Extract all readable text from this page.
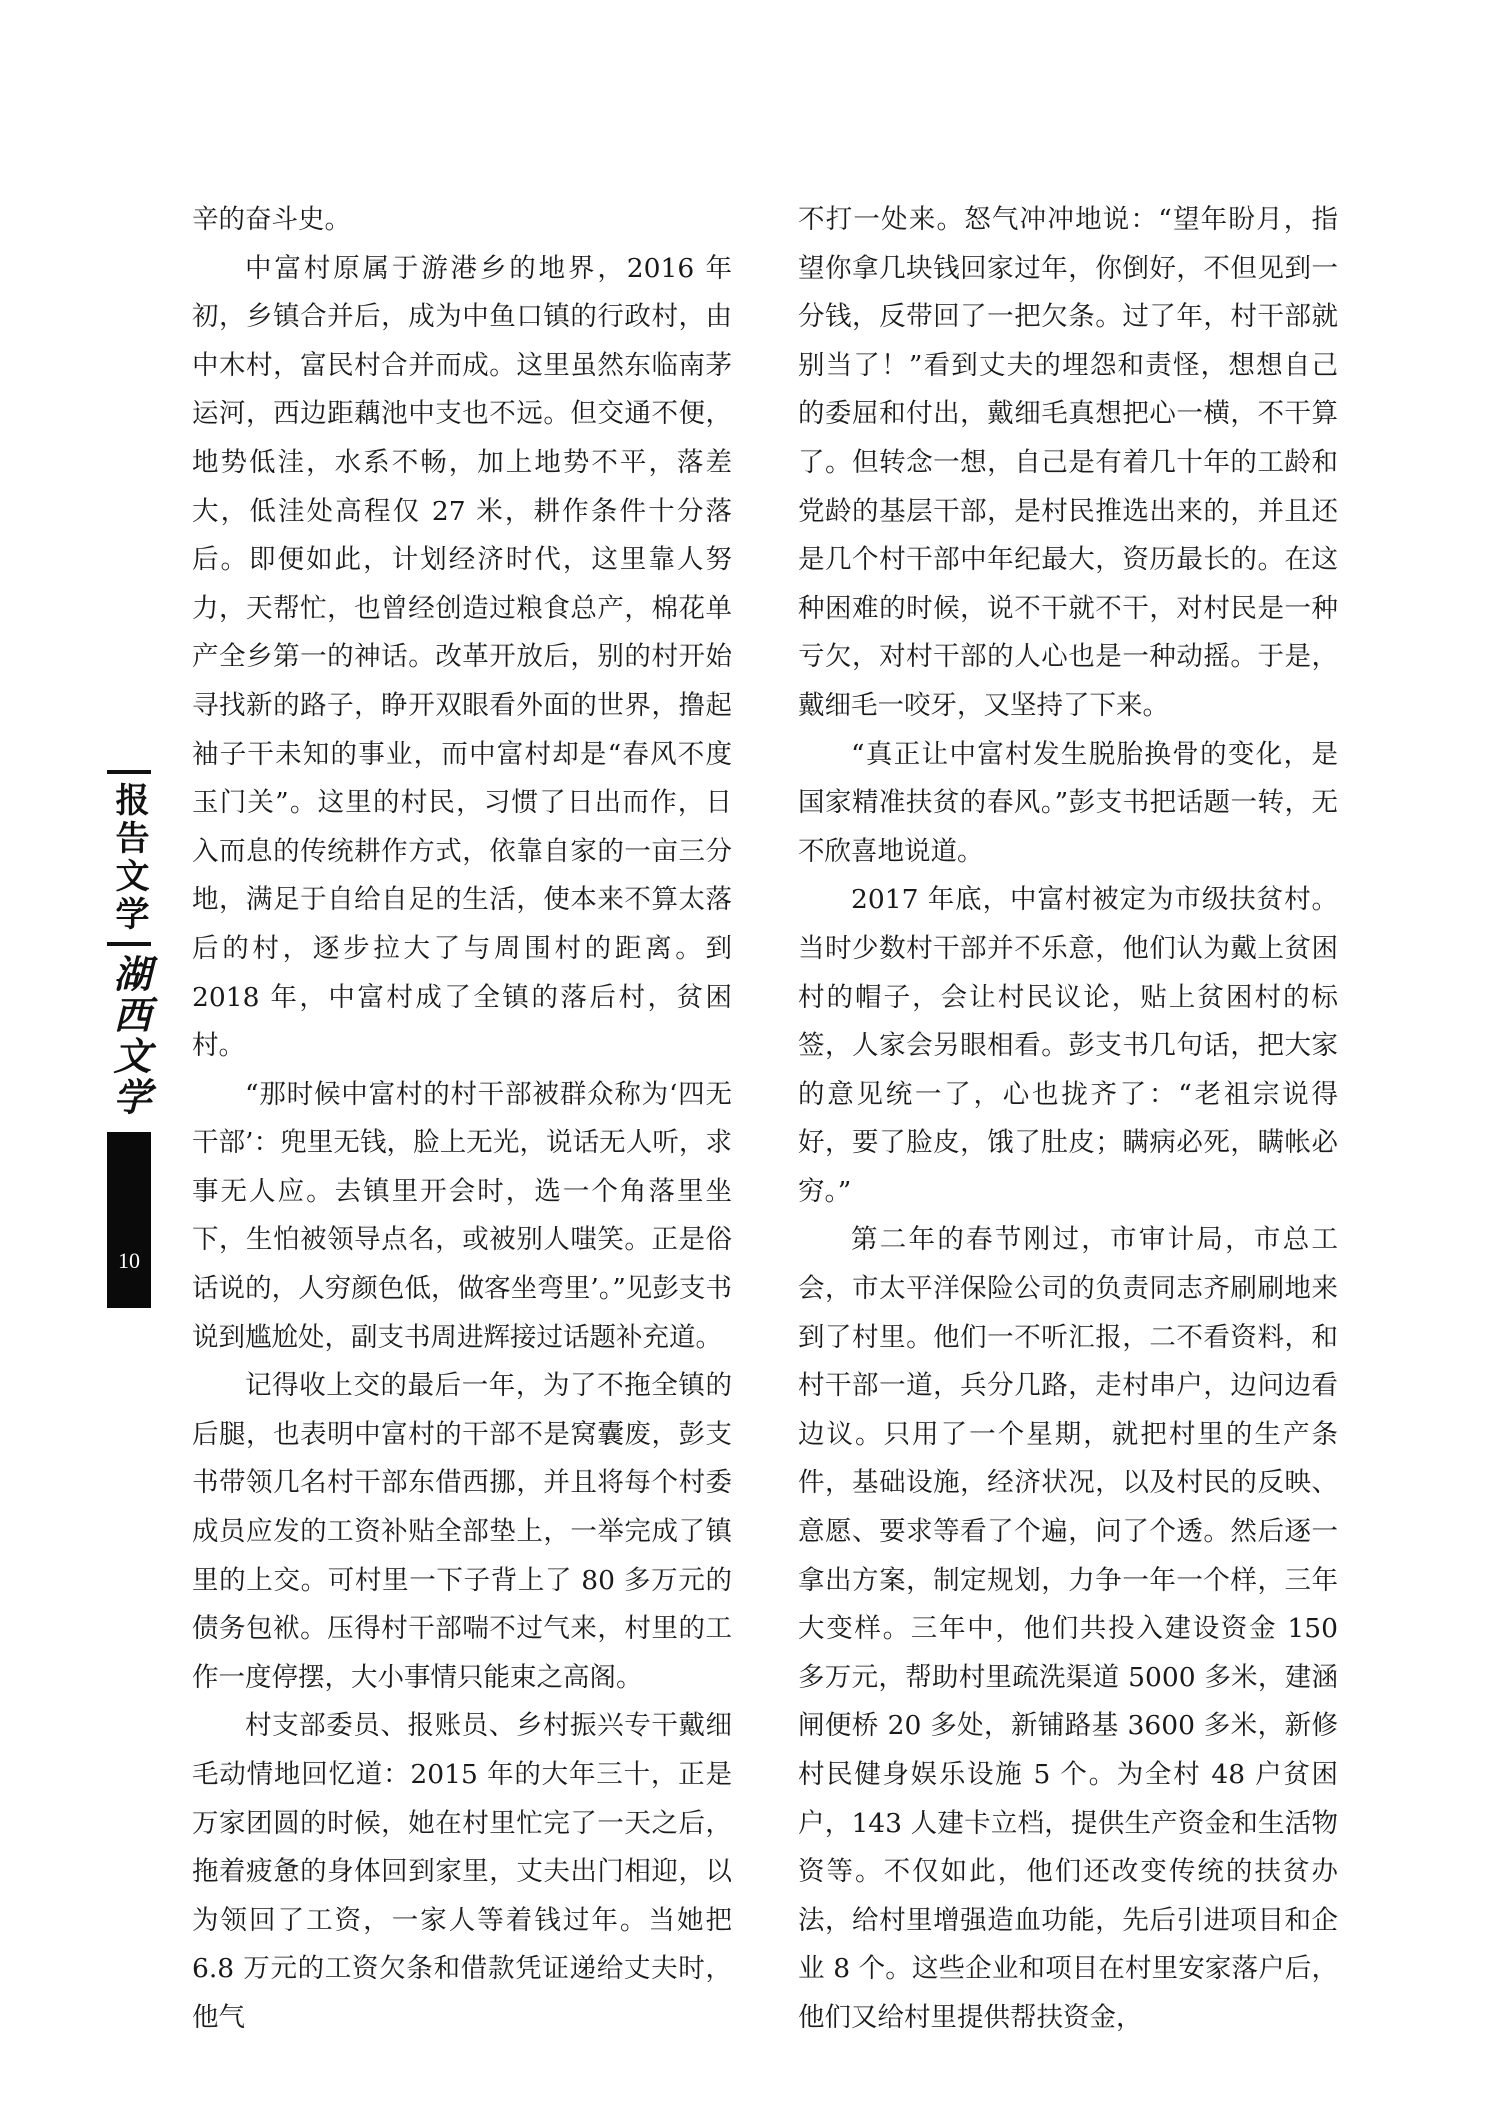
报告文学
湖西文学
10

辛的奋斗史。

中富村原属于游港乡的地界，2016 年初，乡镇合并后，成为中鱼口镇的行政村，由中木村，富民村合并而成。这里虽然东临南茅运河，西边距藕池中支也不远。但交通不便，地势低洼，水系不畅，加上地势不平，落差大，低洼处高程仅 27 米，耕作条件十分落后。即便如此，计划经济时代，这里靠人努力，天帮忙，也曾经创造过粮食总产，棉花单产全乡第一的神话。改革开放后，别的村开始寻找新的路子，睁开双眼看外面的世界，撸起袖子干未知的事业，而中富村却是“春风不度玉门关”。这里的村民，习惯了日出而作，日入而息的传统耕作方式，依靠自家的一亩三分地，满足于自给自足的生活，使本来不算太落后的村，逐步拉大了与周围村的距离。到 2018 年，中富村成了全镇的落后村，贫困村。

“那时候中富村的村干部被群众称为‘四无干部’：兜里无钱，脸上无光，说话无人听，求事无人应。去镇里开会时，选一个角落里坐下，生怕被领导点名，或被别人嗤笑。正是俗话说的，人穷颜色低，做客坐弯里’。”见彭支书说到尴尬处，副支书周进辉接过话题补充道。

记得收上交的最后一年，为了不拖全镇的后腿，也表明中富村的干部不是窝囊废，彭支书带领几名村干部东借西挪，并且将每个村委成员应发的工资补贴全部垫上，一举完成了镇里的上交。可村里一下子背上了 80 多万元的债务包袱。压得村干部喘不过气来，村里的工作一度停摆，大小事情只能束之高阁。

村支部委员、报账员、乡村振兴专干戴细毛动情地回忆道：2015 年的大年三十，正是万家团圆的时候，她在村里忙完了一天之后，拖着疲惫的身体回到家里，丈夫出门相迎，以为领回了工资，一家人等着钱过年。当她把 6.8 万元的工资欠条和借款凭证递给丈夫时，他气

不打一处来。怒气冲冲地说：“望年盼月，指望你拿几块钱回家过年，你倒好，不但见到一分钱，反带回了一把欠条。过了年，村干部就别当了！”看到丈夫的埋怨和责怪，想想自己的委屈和付出，戴细毛真想把心一横，不干算了。但转念一想，自己是有着几十年的工龄和党龄的基层干部，是村民推选出来的，并且还是几个村干部中年纪最大，资历最长的。在这种困难的时候，说不干就不干，对村民是一种亏欠，对村干部的人心也是一种动摇。于是，戴细毛一咬牙，又坚持了下来。

“真正让中富村发生脱胎换骨的变化，是国家精准扶贫的春风。”彭支书把话题一转，无不欣喜地说道。

2017 年底，中富村被定为市级扶贫村。当时少数村干部并不乐意，他们认为戴上贫困村的帽子，会让村民议论，贴上贫困村的标签，人家会另眼相看。彭支书几句话，把大家的意见统一了，心也拢齐了：“老祖宗说得好，要了脸皮，饿了肚皮；瞒病必死，瞒帐必穷。”

第二年的春节刚过，市审计局，市总工会，市太平洋保险公司的负责同志齐刷刷地来到了村里。他们一不听汇报，二不看资料，和村干部一道，兵分几路，走村串户，边问边看边议。只用了一个星期，就把村里的生产条件，基础设施，经济状况，以及村民的反映、意愿、要求等看了个遍，问了个透。然后逐一拿出方案，制定规划，力争一年一个样，三年大变样。三年中，他们共投入建设资金 150 多万元，帮助村里疏洗渠道 5000 多米，建涵闸便桥 20 多处，新铺路基 3600 多米，新修村民健身娱乐设施 5 个。为全村 48 户贫困户，143 人建卡立档，提供生产资金和生活物资等。不仅如此，他们还改变传统的扶贫办法，给村里增强造血功能，先后引进项目和企业 8 个。这些企业和项目在村里安家落户后，他们又给村里提供帮扶资金，
